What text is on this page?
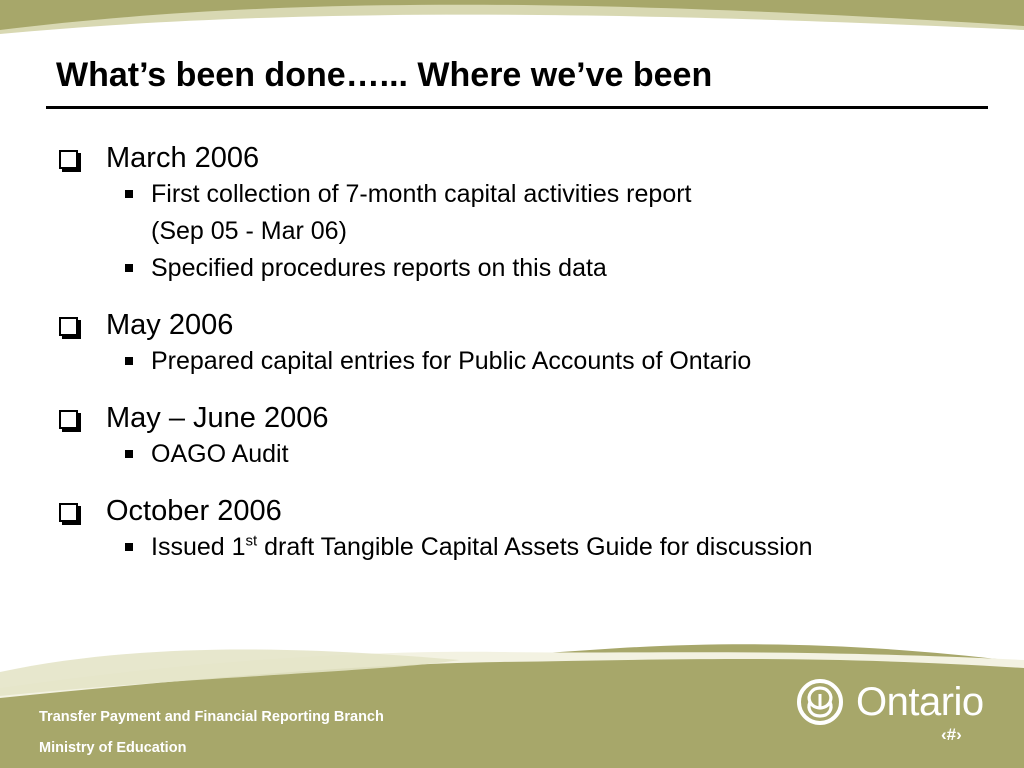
What’s been done…... Where we’ve been
March 2006
First collection of 7-month capital activities report
(Sep 05 - Mar 06)
Specified procedures reports on this data
May 2006
Prepared capital entries for Public Accounts of Ontario
May – June 2006
OAGO Audit
October 2006
Issued 1st draft Tangible Capital Assets Guide for discussion
Transfer Payment and Financial Reporting Branch
Ministry of Education
Ontario
‹#›
